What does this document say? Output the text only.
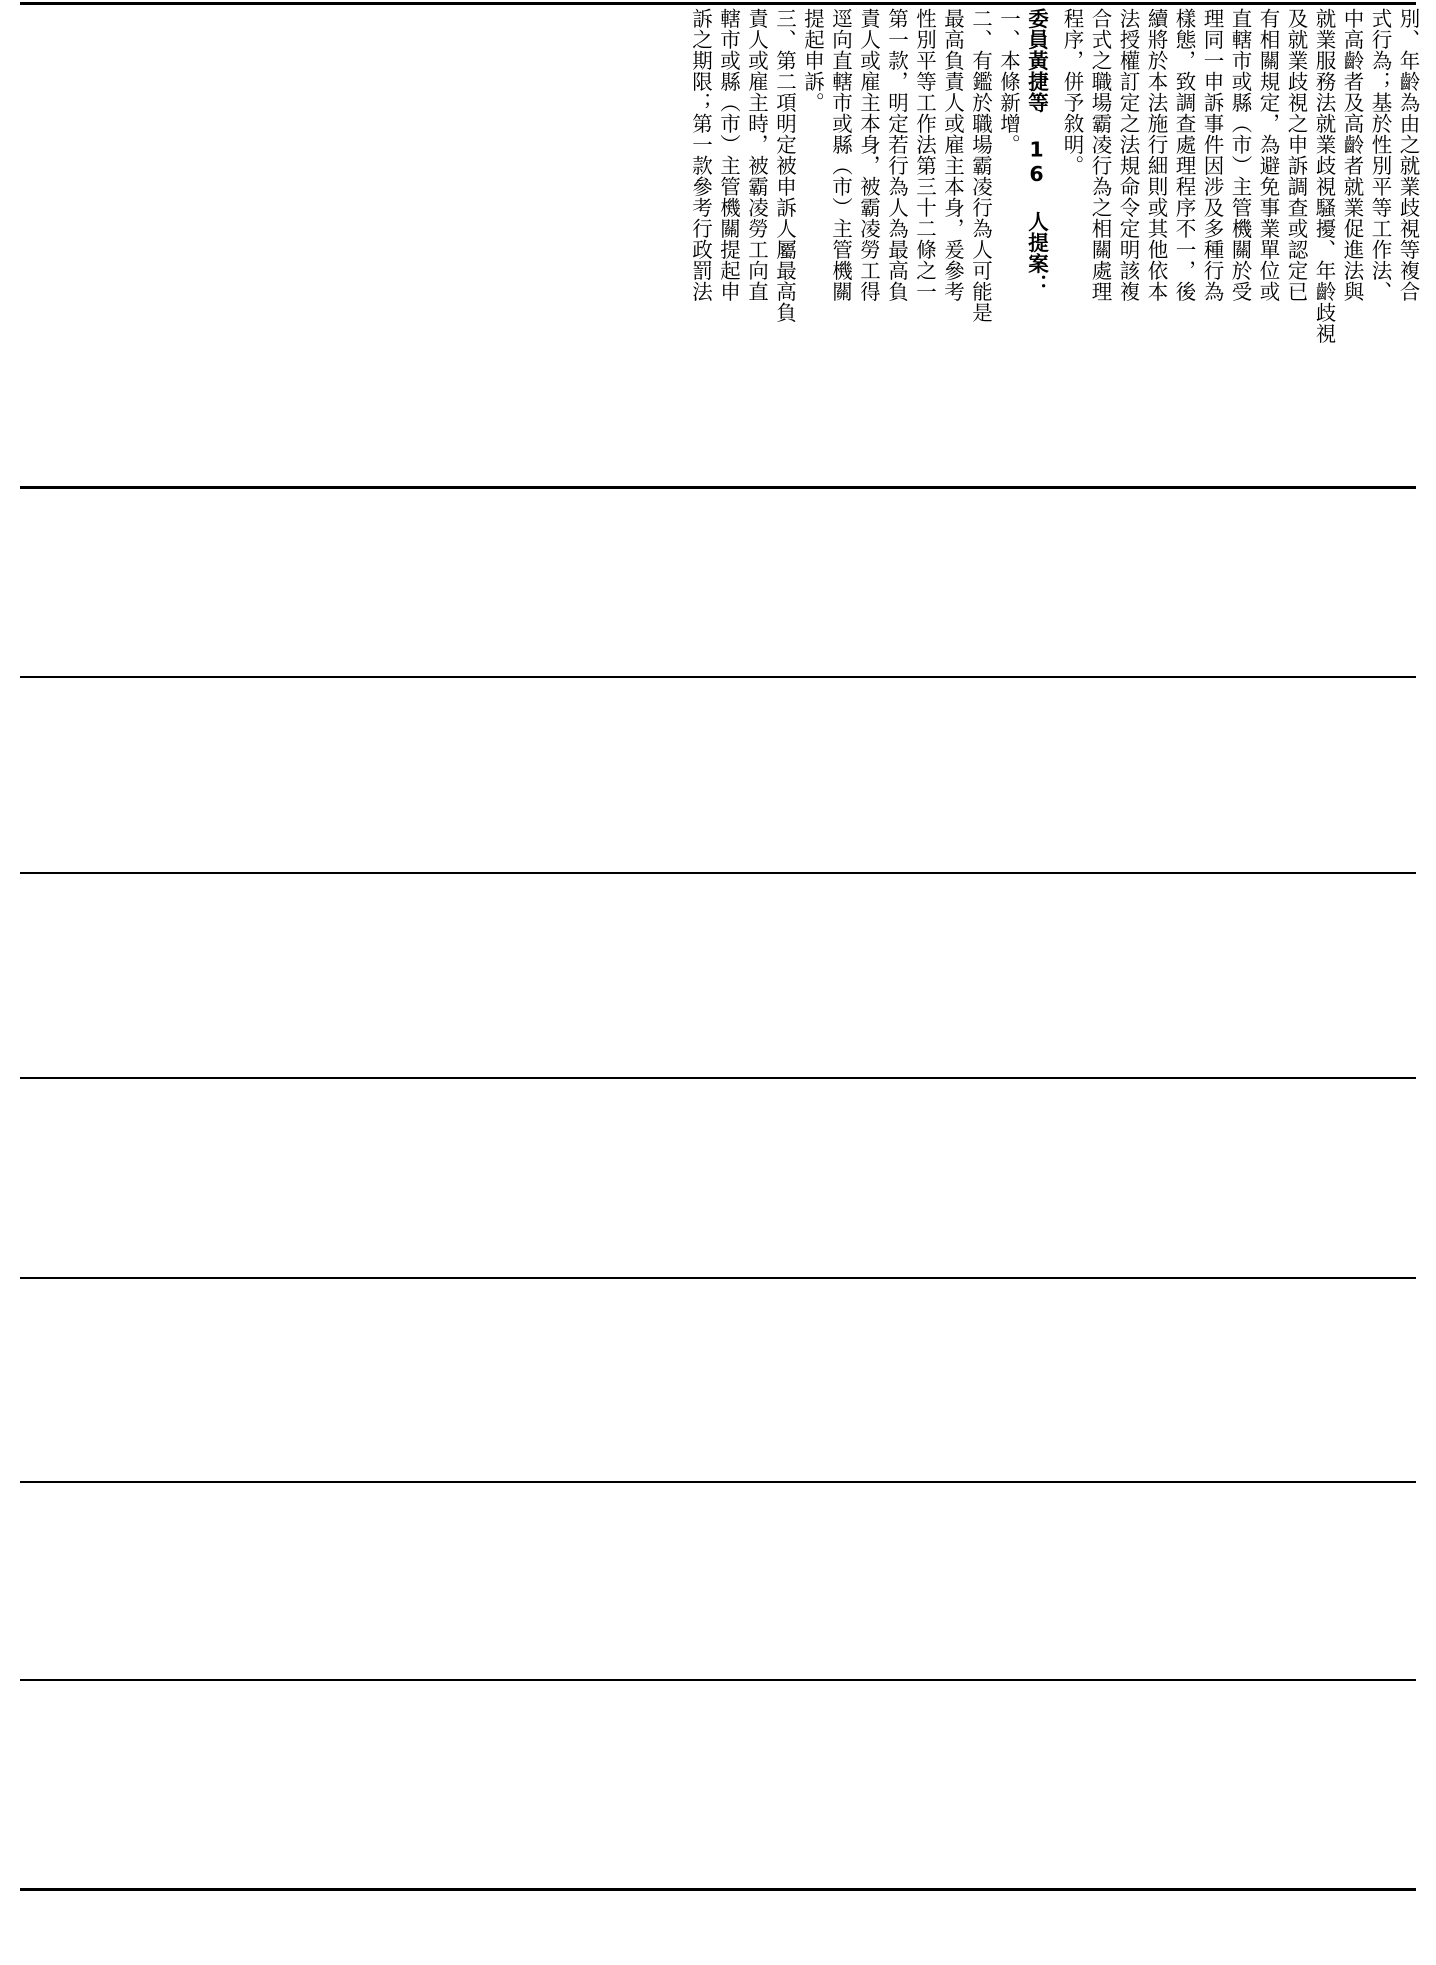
別、年齡為由之就業歧視等複合
式行為；基於性別平等工作法、
中高齡者及高齡者就業促進法與
就業服務法就業歧視騷擾、年齡歧視
及就業歧視之申訴調查或認定已
有相關規定，為避免事業單位或
直轄市或縣（市）主管機關於受
理同一申訴事件因涉及多種行為
樣態，致調查處理程序不一，後
續將於本法施行細則或其他依本
法授權訂定之法規命令定明該複
合式之職場霸凌行為之相關處理
程序，併予敘明。
委員黃捷等 16 人提案：
一、本條新增。
二、有鑑於職場霸凌行為人可能是
最高負責人或雇主本身，爰參考
性別平等工作法第三十二條之一
第一款，明定若行為人為最高負
責人或雇主本身，被霸凌勞工得
逕向直轄市或縣（市）主管機關
提起申訴。
三、第二項明定被申訴人屬最高負
責人或雇主時，被霸凌勞工向直
轄市或縣（市）主管機關提起申
訴之期限；第一款參考行政罰法
